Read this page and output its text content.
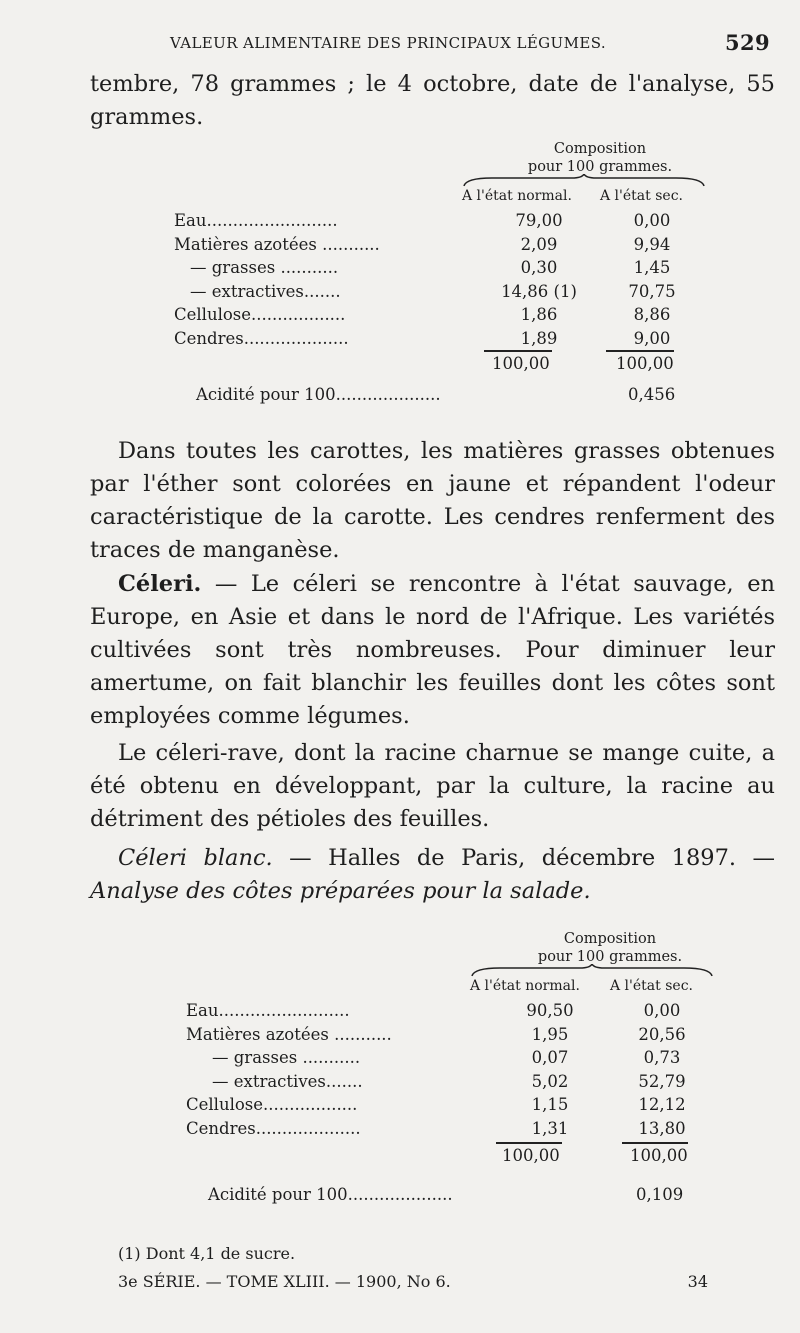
VALEUR ALIMENTAIRE DES PRINCIPAUX LÉGUMES.	529
tembre, 78 grammes ; le 4 octobre, date de l'analyse, 55 grammes.
Composition
pour 100 grammes.
A l'état normal. A l'état sec.
Eau.........................	79,00	0,00
Matières azotées ...........	2,09	9,94
— grasses ...........	0,30	1,45
— extractives.......	14,86 (1)	70,75
Cellulose..................	1,86	8,86
Cendres....................	1,89	9,00
100,00	100,00
Acidité pour 100....................	0,456
Dans toutes les carottes, les matières grasses obtenues par l'éther sont colorées en jaune et répandent l'odeur caractéristique de la carotte. Les cendres renferment des traces de manganèse.
Céleri. — Le céleri se rencontre à l'état sauvage, en Europe, en Asie et dans le nord de l'Afrique. Les variétés cultivées sont très nombreuses. Pour diminuer leur amertume, on fait blanchir les feuilles dont les côtes sont employées comme légumes.
Le céleri-rave, dont la racine charnue se mange cuite, a été obtenu en développant, par la culture, la racine au détriment des pétioles des feuilles.
Céleri blanc. — Halles de Paris, décembre 1897. — Analyse des côtes préparées pour la salade.
Composition
pour 100 grammes.
A l'état normal. A l'état sec.
Eau.........................	90,50	0,00
Matières azotées ...........	1,95	20,56
— grasses ...........	0,07	0,73
— extractives.......	5,02	52,79
Cellulose..................	1,15	12,12
Cendres....................	1,31	13,80
100,00	100,00
Acidité pour 100....................	0,109
(1) Dont 4,1 de sucre.
3e SÉRIE. — TOME XLIII. — 1900, No 6.	34
